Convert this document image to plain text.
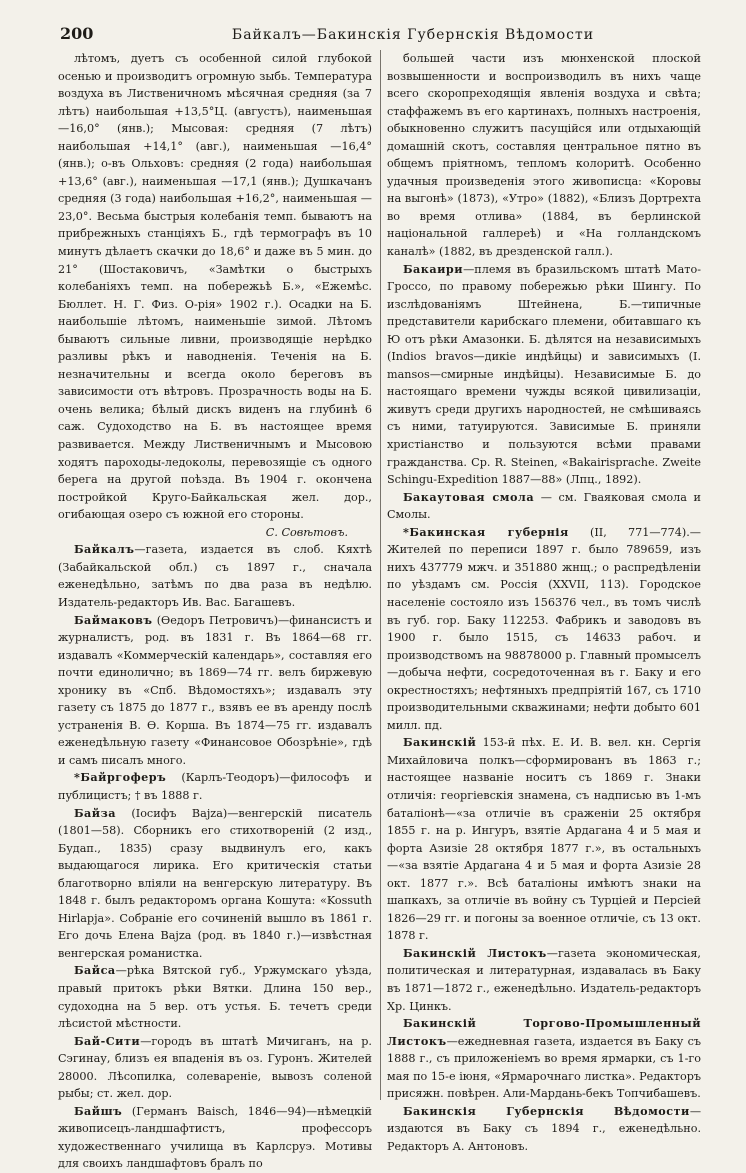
200	Байкалъ—Бакинскія Губернскія Вѣдомости

лѣтомъ, дуетъ съ особенной силой глубокой осенью и производитъ огромную зыбь. Температура воздуха въ Лиственичномъ мѣсячная средняя (за 7 лѣтъ) наибольшая +13,5°Ц. (августъ), наименьшая —16,0° (янв.); Мысовая: средняя (7 лѣтъ) наибольшая +14,1° (авг.), наименьшая —16,4° (янв.); о-въ Ольховъ: средняя (2 года) наибольшая +13,6° (авг.), наименьшая —17,1 (янв.); Душкачанъ средняя (3 года) наибольшая +16,2°, наименьшая —23,0°. Весьма быстрыя колебанія темп. бываютъ на прибрежныхъ станціяхъ Б., гдѣ термографъ въ 10 минутъ дѣлаетъ скачки до 18,6° и даже въ 5 мин. до 21° (Шостаковичъ, «Замѣтки о быстрыхъ колебаніяхъ темп. на побережьѣ Б.», «Ежемѣс. Бюллет. Н. Г. Физ. О-рія» 1902 г.). Осадки на Б. наибольшіе лѣтомъ, наименьшіе зимой. Лѣтомъ бываютъ сильные ливни, производящіе нерѣдко разливы рѣкъ и наводненія. Теченія на Б. незначительны и всегда около береговъ въ зависимости отъ вѣтровъ. Прозрачность воды на Б. очень велика; бѣлый дискъ виденъ на глубинѣ 6 саж. Судоходство на Б. въ настоящее время развивается. Между Лиственичнымъ и Мысовою ходятъ пароходы-ледоколы, перевозящіе съ одного берега на другой поѣзда. Въ 1904 г. окончена постройкой Круго-Байкальская жел. дор., огибающая озеро съ южной его стороны.

С. Совѣтовъ.

Байкалъ—газета, издается въ слоб. Кяхтѣ (Забайкальской обл.) съ 1897 г., сначала еженедѣльно, затѣмъ по два раза въ недѣлю. Издатель-редакторъ Ив. Вас. Багашевъ.

Баймаковъ (Ѳедоръ Петровичъ)—финансистъ и журналистъ, род. въ 1831 г. Въ 1864—68 гг. издавалъ «Коммерческій календарь», составляя его почти единолично; въ 1869—74 гг. велъ биржевую хронику въ «Спб. Вѣдомостяхъ»; издавалъ эту газету съ 1875 до 1877 г., взявъ ее въ аренду послѣ устраненія В. Ѳ. Корша. Въ 1874—75 гг. издавалъ еженедѣльную газету «Финансовое Обозрѣніе», гдѣ и самъ писалъ много.

*Байргоферъ (Карлъ-Теодоръ)—философъ и публицистъ; † въ 1888 г.

Байза (Іосифъ Bajza)—венгерскій писатель (1801—58). Сборникъ его стихотвореній (2 изд., Будап., 1835) сразу выдвинулъ его, какъ выдающагося лирика. Его критическія статьи благотворно вліяли на венгерскую литературу. Въ 1848 г. былъ редакторомъ органа Кошута: «Kossuth Hirlapja». Собраніе его сочиненій вышло въ 1861 г. Его дочь Елена Bajza (род. въ 1840 г.)—извѣстная венгерская романистка.

Байса—рѣка Вятской губ., Уржумскаго уѣзда, правый притокъ рѣки Вятки. Длина 150 вер., судоходна на 5 вер. отъ устья. Б. течетъ среди лѣсистой мѣстности.

Бай-Сити—городъ въ штатѣ Мичиганъ, на р. Сэгинау, близъ ея впаденія въ оз. Гуронъ. Жителей 28000. Лѣсопилка, солевареніе, вывозъ соленой рыбы; ст. жел. дор.

Байшъ (Германъ Baisch, 1846—94)—нѣмецкій живописецъ-ландшафтистъ, профессоръ художественнаго училища въ Карлсруэ. Мотивы для своихъ ландшафтовъ бралъ по

большей части изъ мюнхенской плоской возвышенности и воспроизводилъ въ нихъ чаще всего скоропреходящія явленія воздуха и свѣта; стаффажемъ въ его картинахъ, полныхъ настроенія, обыкновенно служитъ пасущійся или отдыхающій домашній скотъ, составляя центральное пятно въ общемъ пріятномъ, тепломъ колоритѣ. Особенно удачныя произведенія этого живописца: «Коровы на выгонѣ» (1873), «Утро» (1882), «Близъ Дортрехта во время отлива» (1884, въ берлинской національной галлереѣ) и «На голландскомъ каналѣ» (1882, въ дрезденской галл.).

Бакаири—племя въ бразильскомъ штатѣ Мато-Гроссо, по правому побережью рѣки Шингу. По изслѣдованіямъ Штейнена, Б.—типичные представители карибскаго племени, обитавшаго къ Ю отъ рѣки Амазонки. Б. дѣлятся на независимыхъ (Indios bravos—дикіе индѣйцы) и зависимыхъ (I. mansos—смирные индѣйцы). Независимые Б. до настоящаго времени чужды всякой цивилизаціи, живутъ среди другихъ народностей, не смѣшиваясь съ ними, татуируются. Зависимые Б. приняли христіанство и пользуются всѣми правами гражданства. Ср. R. Steinen, «Bakairisprache. Zweite Schingu-Expedition 1887—88» (Лпц., 1892).

Бакаутовая смола — см. Гваяковая смола и Смолы.

*Бакинская губернія (II, 771—774).—Жителей по переписи 1897 г. было 789659, изъ нихъ 437779 мжч. и 351880 жнщ.; о распредѣленіи по уѣздамъ см. Россія (XXVII, 113). Городское населеніе состояло изъ 156376 чел., въ томъ числѣ въ губ. гор. Баку 112253. Фабрикъ и заводовъ въ 1900 г. было 1515, съ 14633 рабоч. и производствомъ на 98878000 р. Главный промыселъ—добыча нефти, сосредоточенная въ г. Баку и его окрестностяхъ; нефтяныхъ предпріятій 167, съ 1710 производительными скважинами; нефти добыто 601 милл. пд.

Бакинскій 153-й пѣх. Е. И. В. вел. кн. Сергія Михайловича полкъ—сформированъ въ 1863 г.; настоящее названіе носитъ съ 1869 г. Знаки отличія: георгіевскія знамена, съ надписью въ 1-мъ баталіонѣ—«за отличіе въ сраженіи 25 октября 1855 г. на р. Ингуръ, взятіе Ардагана 4 и 5 мая и форта Азизіе 28 октября 1877 г.», въ остальныхъ—«за взятіе Ардагана 4 и 5 мая и форта Азизіе 28 окт. 1877 г.». Всѣ баталіоны имѣютъ знаки на шапкахъ, за отличіе въ войну съ Турціей и Персіей 1826—29 гг. и погоны за военное отличіе, съ 13 окт. 1878 г.

Бакинскій Листокъ—газета экономическая, политическая и литературная, издавалась въ Баку въ 1871—1872 г., еженедѣльно. Издатель-редакторъ Хр. Цинкъ.

Бакинскій Торгово-Промышленный Листокъ—ежедневная газета, издается въ Баку съ 1888 г., съ приложеніемъ во время ярмарки, съ 1-го мая по 15-е іюня, «Ярмарочнаго листка». Редакторъ присяжн. повѣрен. Али-Мардань-бекъ Топчибашевъ.

Бакинскія Губернскія Вѣдомости—издаются въ Баку съ 1894 г., еженедѣльно. Редакторъ А. Антоновъ.
